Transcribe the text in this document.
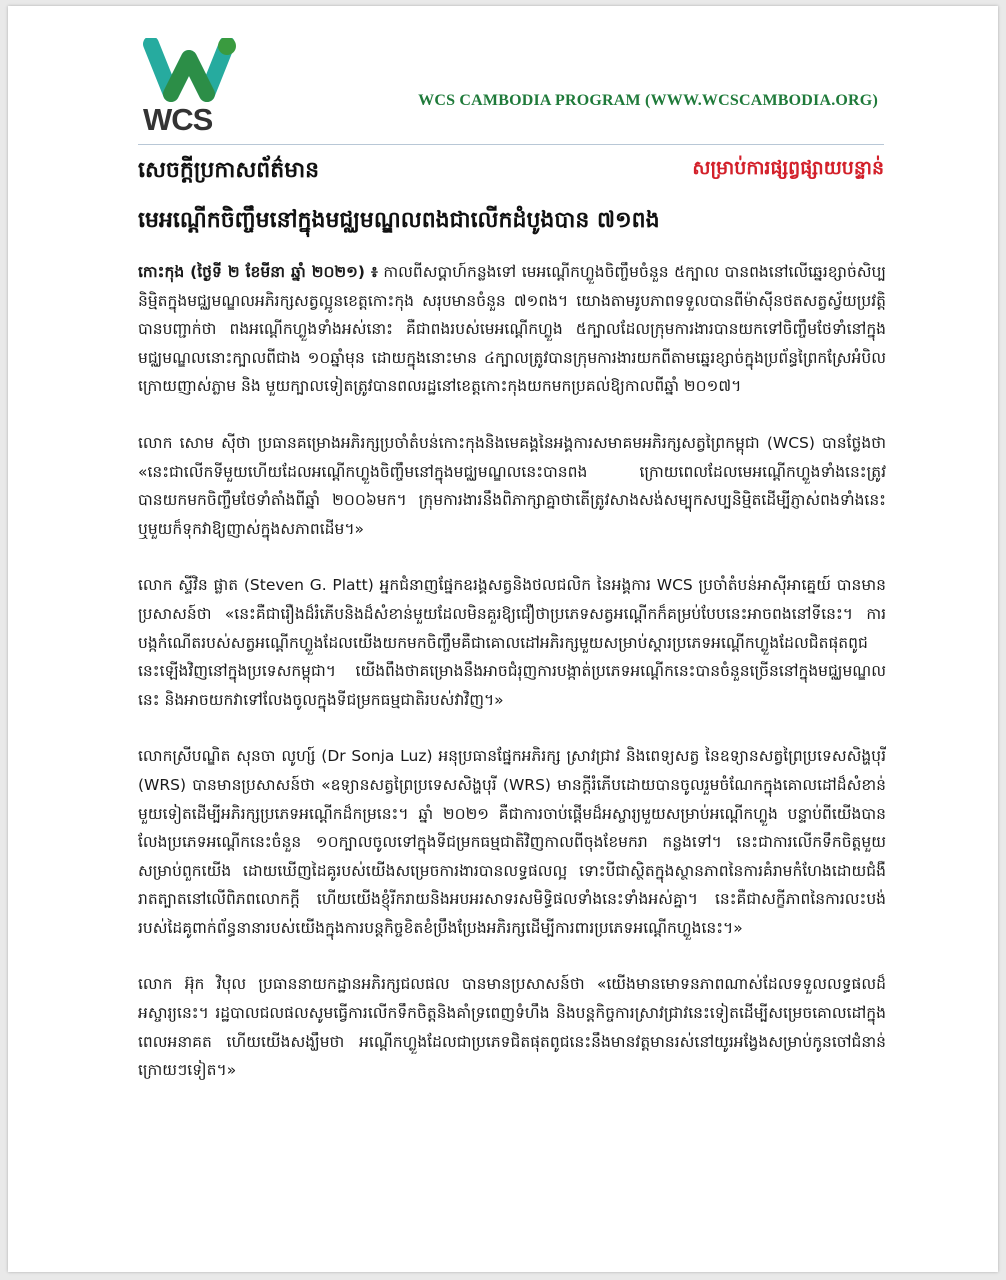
WCS
WCS CAMBODIA PROGRAM (WWW.WCSCAMBODIA.ORG)
សេចក្តីប្រកាសព័ត៌មាន	សម្រាប់ការផ្សព្វផ្សាយបន្ទាន់
មេអណ្តើកចិញ្ចឹមនៅក្នុងមជ្ឈមណ្ឌលពងជាលើកដំបូងបាន ៧១ពង

កោះកុង (ថ្ងៃទី ២ ខែមីនា ឆ្នាំ ២០២១) ៖ កាលពីសប្តាហ៍កន្លងទៅ មេអណ្តើកហ្លួងចិញ្ចឹមចំនួន ៥ក្បាល បានពងនៅលើឆ្នេរខ្សាច់សិប្បនិម្មិតក្នុងមជ្ឈមណ្ឌលអភិរក្សសត្វល្អូនខេត្តកោះកុង សរុបមានចំនួន ៧១ពង។ យោងតាមរូបភាពទទួលបានពីម៉ាស៊ីនថតសត្វស្វ័យប្រវត្តិបានបញ្ជាក់ថា ពងអណ្តើកហ្លួងទាំងអស់នោះ គឺជាពងរបស់មេអណ្តើកហ្លួង ៥ក្បាលដែលក្រុមការងារបានយកទៅចិញ្ចឹមថែទាំនៅក្នុងមជ្ឈមណ្ឌលនោះក្បាលពីជាង ១០ឆ្នាំមុន ដោយក្នុងនោះមាន ៤ក្បាលត្រូវបានក្រុមការងារយកពីតាមឆ្នេរខ្សាច់ក្នុងប្រព័ន្ធព្រៃកស្រែអំបិលក្រោយញាស់ភ្លាម និង មួយក្បាលទៀតត្រូវបានពលរដ្ឋនៅខេត្តកោះកុងយកមកប្រគល់ឱ្យកាលពីឆ្នាំ ២០១៧។

លោក សោម ស៊ីថា ប្រធានគម្រោងអភិរក្សប្រចាំតំបន់កោះកុងនិងមេគង្គនៃអង្គការសមាគមអភិរក្សសត្វព្រៃកម្ពុជា (WCS) បានថ្លែងថា «នេះជាលើកទីមួយហើយដែលអណ្តើកហ្លួងចិញ្ចឹមនៅក្នុងមជ្ឈមណ្ឌលនេះបានពង ក្រោយពេលដែលមេអណ្តើកហ្លួងទាំងនេះត្រូវបានយកមកចិញ្ចឹមថែទាំតាំងពីឆ្នាំ ២០០៦មក។ ក្រុមការងារនឹងពិភាក្សាគ្នាថាតើត្រូវសាងសង់សម្បុកសប្បនិម្មិតដើម្បីភ្ញាស់ពងទាំងនេះ ឬមួយក៏ទុកវាឱ្យញាស់ក្នុងសភាពដើម។»

លោក ស្ទីវិន ផ្លាត (Steven G. Platt) អ្នកជំនាញផ្នែកឧរង្គសត្វនិងថលជលិក នៃអង្គការ WCS ប្រចាំតំបន់អាស៊ីអាគ្នេយ៍ បានមានប្រសាសន៍ថា «នេះគឺជារឿងដ៏រំភើបនិងដ៏សំខាន់មួយដែលមិនគួរឱ្យជឿថាប្រភេទសត្វអណ្តើកក៏គម្រប់បែបនេះអាចពងនៅទីនេះ។ ការបង្កកំណើតរបស់សត្វអណ្តើកហ្លួងដែលយើងយកមកចិញ្ចឹមគឺជាគោលដៅអភិរក្សមួយសម្រាប់ស្តារប្រភេទអណ្តើកហ្លួងដែលជិតផុតពូជនេះឡើងវិញនៅក្នុងប្រទេសកម្ពុជា។ យើងពឹងថាគម្រោងនឹងអាចជំរុញការបង្កាត់ប្រភេទអណ្តើកនេះបានចំនួនច្រើននៅក្នុងមជ្ឈមណ្ឌលនេះ និងអាចយកវាទៅលែងចូលក្នុងទីជម្រកធម្មជាតិរបស់វាវិញ។»

លោកស្រីបណ្ឌិត សុនចា លូហ្ស៍ (Dr Sonja Luz) អនុប្រធានផ្នែកអភិរក្ស ស្រាវជ្រាវ និងពេទ្យសត្វ នៃឧទ្យានសត្វព្រៃប្រទេសសិង្ហបុរី (WRS) បានមានប្រសាសន៍ថា «ឧទ្យានសត្វព្រៃប្រទេសសិង្ហបុរី (WRS) មានក្តីរំភើបដោយបានចូលរួមចំណែកក្នុងគោលដៅដ៏សំខាន់មួយទៀតដើម្បីអភិរក្សប្រភេទអណ្តើកដ៏កម្រនេះ។ ឆ្នាំ ២០២១ គឺជាការចាប់ផ្តើមដ៏អស្ចារ្យមួយសម្រាប់អណ្តើកហ្លួង បន្ទាប់ពីយើងបានលែងប្រភេទអណ្តើកនេះចំនួន ១០ក្បាលចូលទៅក្នុងទីជម្រកធម្មជាតិវិញកាលពីចុងខែមករា កន្លងទៅ។ នេះជាការលើកទឹកចិត្តមួយសម្រាប់ពួកយើង ដោយឃើញដៃគូរបស់យើងសម្រេចការងារបានលទ្ធផលល្អ ទោះបីជាស្ថិតក្នុងស្ថានភាពនៃការគំរាមកំហែងដោយជំងឺរាតត្បាតនៅលើពិភពលោកក្តី ហើយយើងខ្ញុំរីករាយនិងអបអរសាទរសមិទ្ធិផលទាំងនេះទាំងអស់គ្នា។ នេះគឺជាសក្ខីភាពនៃការលះបង់របស់ដៃគូពាក់ព័ន្ធនានារបស់យើងក្នុងការបន្តកិច្ចខិតខំប្រឹងប្រែងអភិរក្សដើម្បីការពារប្រភេទអណ្តើកហ្លួងនេះ។»

លោក អ៊ុក វិបុល ប្រធាននាយកដ្ឋានអភិរក្សជលផល បានមានប្រសាសន៍ថា «យើងមានមោទនភាពណាស់ដែលទទួលលទ្ធផលដ៏អស្ចារ្យនេះ។ រដ្ឋបាលជលផលសូមធ្វើការលើកទឹកចិត្តនិងគាំទ្រពេញទំហឹង និងបន្តកិច្ចការស្រាវជ្រាវនេះទៀតដើម្បីសម្រេចគោលដៅក្នុងពេលអនាគត ហើយយើងសង្ឃឹមថា អណ្តើកហ្លួងដែលជាប្រភេទជិតផុតពូជនេះនឹងមានវត្តមានរស់នៅយូរអង្វែងសម្រាប់កូនចៅជំនាន់ក្រោយៗទៀត។»
